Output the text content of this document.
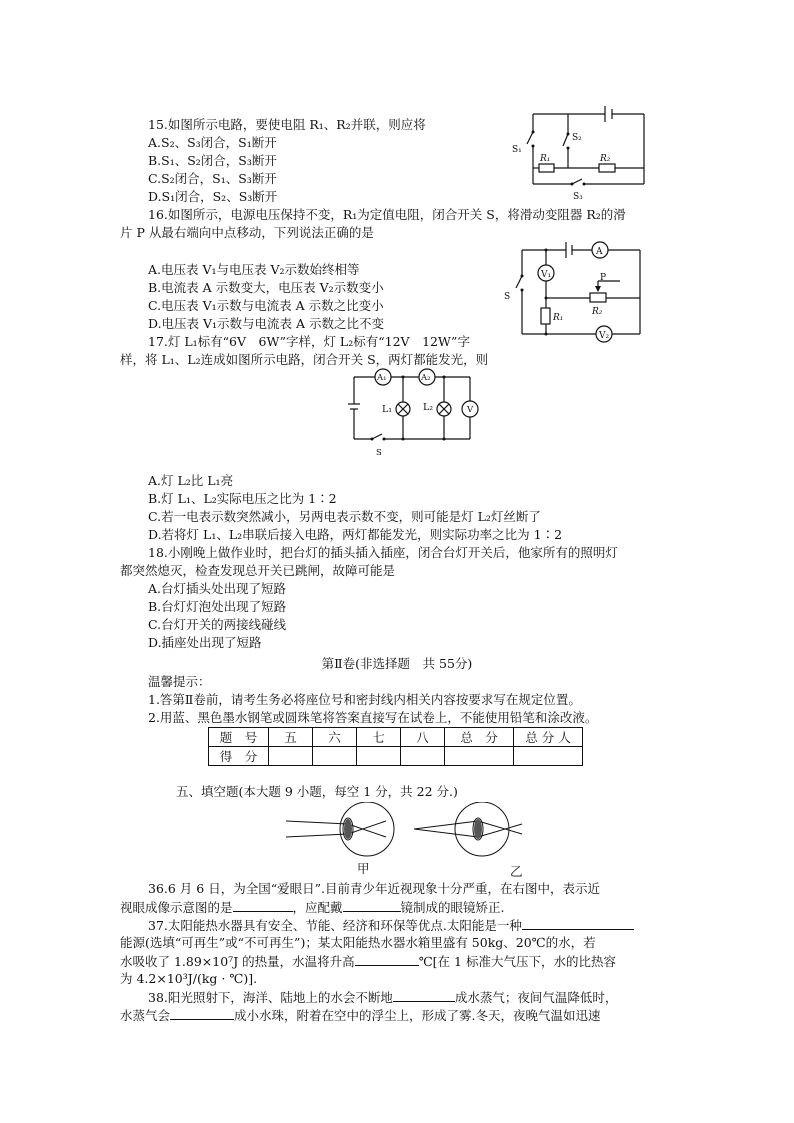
15.如图所示电路，要使电阻 R₁、R₂并联，则应将
A.S₂、S₃闭合，S₁断开
B.S₁、S₂闭合，S₃断开
C.S₂闭合，S₁、S₃断开
D.S₁闭合，S₂、S₃断开
S₁
S₂
R₁	R₂
S₃
16.如图所示，电源电压保持不变，R₁为定值电阻，闭合开关 S，将滑动变阻器 R₂的滑
片 P 从最右端向中点移动，下列说法正确的是
A.电压表 V₁与电压表 V₂示数始终相等
B.电流表 A 示数变大，电压表 V₂示数变小
C.电压表 V₁示数与电流表 A 示数之比变小
D.电压表 V₁示数与电流表 A 示数之比不变
A
V₁
V₂
S
P
R₁
R₂
17.灯 L₁标有“6V　6W”字样，灯 L₂标有“12V　12W”字
样，将 L₁、L₂连成如图所示电路，闭合开关 S，两灯都能发光，则
A₁	A₂
L₁	L₂	V
S
A.灯 L₂比 L₁亮
B.灯 L₁、L₂实际电压之比为 1∶2
C.若一电表示数突然减小，另两电表示数不变，则可能是灯 L₂灯丝断了
D.若将灯 L₁、L₂串联后接入电路，两灯都能发光，则实际功率之比为 1∶2
18.小刚晚上做作业时，把台灯的插头插入插座，闭合台灯开关后，他家所有的照明灯
都突然熄灭，检查发现总开关已跳闸，故障可能是
A.台灯插头处出现了短路
B.台灯灯泡处出现了短路
C.台灯开关的两接线碰线
D.插座处出现了短路
第Ⅱ卷(非选择题　共 55分)
温馨提示：
1.答第Ⅱ卷前，请考生务必将座位号和密封线内相关内容按要求写在规定位置。
2.用蓝、黑色墨水钢笔或圆珠笔将答案直接写在试卷上，不能使用铅笔和涂改液。
题　号	五	六	七	八	总　分	总 分 人
得　分						
五、填空题(本大题 9 小题，每空 1 分，共 22 分.)
甲	乙
36.6 月 6 日，为全国“爱眼日”.目前青少年近视现象十分严重，在右图中，表示近
视眼成像示意图的是	，应配戴	镜制成的眼镜矫正.
37.太阳能热水器具有安全、节能、经济和环保等优点.太阳能是一种
能源(选填“可再生”或“不可再生”)；某太阳能热水器水箱里盛有 50kg、20℃的水，若
水吸收了 1.89×10⁷J 的热量，水温将升高	℃[在 1 标准大气压下，水的比热容
为 4.2×10³J/(kg · ℃)].
38.阳光照射下，海洋、陆地上的水会不断地	成水蒸气；夜间气温降低时，
水蒸气会	成小水珠，附着在空中的浮尘上，形成了雾.冬天，夜晚气温如迅速
